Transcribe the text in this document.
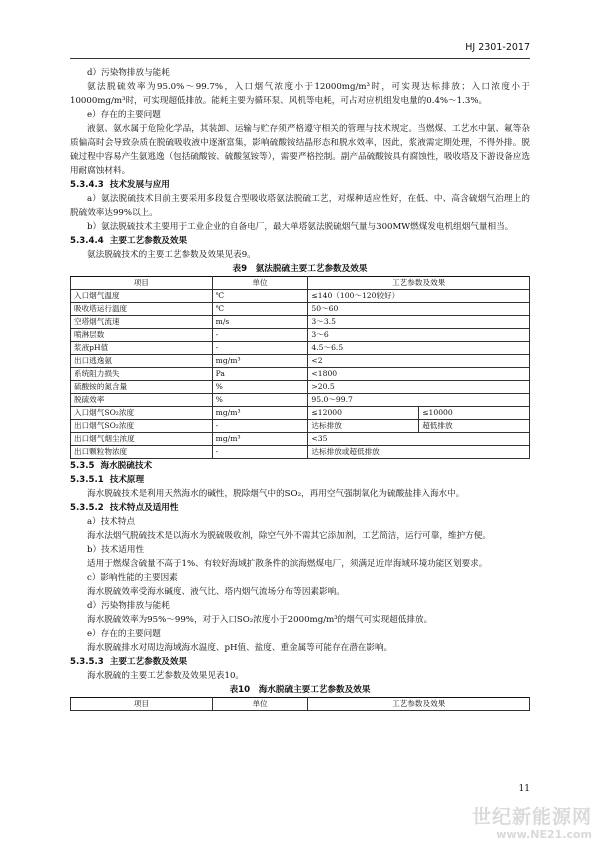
HJ 2301-2017

d）污染物排放与能耗

氨法脱硫效率为95.0%～99.7%，入口烟气浓度小于12000mg/m³时，可实现达标排放；入口浓度小于10000mg/m³时，可实现超低排放。能耗主要为循环泵、风机等电耗，可占对应机组发电量的0.4%～1.3%。

e）存在的主要问题

液氨、氨水属于危险化学品，其装卸、运输与贮存须严格遵守相关的管理与技术规定。当燃煤、工艺水中氯、氟等杂质偏高时会导致杂质在脱硫吸收液中逐渐富集，影响硫酸铵结晶形态和脱水效率，因此，浆液需定期处理，不得外排。脱硫过程中容易产生氨逃逸（包括硫酸铵、硫酸氢铵等），需要严格控制。副产品硫酸铵具有腐蚀性，吸收塔及下游设备应选用耐腐蚀材料。

5.3.4.3 技术发展与应用

a）氨法脱硫技术目前主要采用多段复合型吸收塔氨法脱硫工艺，对煤种适应性好，在低、中、高含硫烟气治理上的脱硫效率达99%以上。

b）氨法脱硫技术主要用于工业企业的自备电厂，最大单塔氨法脱硫烟气量与300MW燃煤发电机组烟气量相当。

5.3.4.4 主要工艺参数及效果

氨法脱硫技术的主要工艺参数及效果见表9。

表9　氨法脱硫主要工艺参数及效果

项目	单位	工艺参数及效果	
入口烟气温度	℃	≤140（100～120较好）	
吸收塔运行温度	℃	50～60	
空塔烟气流速	m/s	3～3.5	
喷淋层数	-	3～6	
浆液pH值	-	4.5～6.5	
出口逃逸氨	mg/m³	<2	
系统阻力损失	Pa	<1800	
硫酸铵的氮含量	%	>20.5	
脱硫效率	%	95.0～99.7	
入口烟气SO₂浓度	mg/m³	≤12000	≤10000
出口烟气SO₂浓度	-	达标排放	超低排放
出口烟气烟尘浓度	mg/m³	<35	
出口颗粒物浓度	-	达标排放或超低排放	
5.3.5 海水脱硫技术
5.3.5.1 技术原理

海水脱硫技术是利用天然海水的碱性，脱除烟气中的SO₂，再用空气强制氧化为硫酸盐排入海水中。

5.3.5.2 技术特点及适用性

a）技术特点

海水法烟气脱硫技术是以海水为脱硫吸收剂，除空气外不需其它添加剂，工艺简洁，运行可靠，维护方便。

b）技术适用性

适用于燃煤含硫量不高于1%、有较好海域扩散条件的滨海燃煤电厂，须满足近岸海域环境功能区划要求。

c）影响性能的主要因素

海水脱硫效率受海水碱度、液气比、塔内烟气流场分布等因素影响。

d）污染物排放与能耗

海水脱硫效率为95%～99%，对于入口SO₂浓度小于2000mg/m³的烟气可实现超低排放。

e）存在的主要问题

海水脱硫排水对周边海域海水温度、pH值、盐度、重金属等可能存在潜在影响。

5.3.5.3 主要工艺参数及效果

海水脱硫的主要工艺参数及效果见表10。

表10　海水脱硫主要工艺参数及效果

项目	单位	工艺参数及效果
11
世纪新能源网
www.NE21.com
